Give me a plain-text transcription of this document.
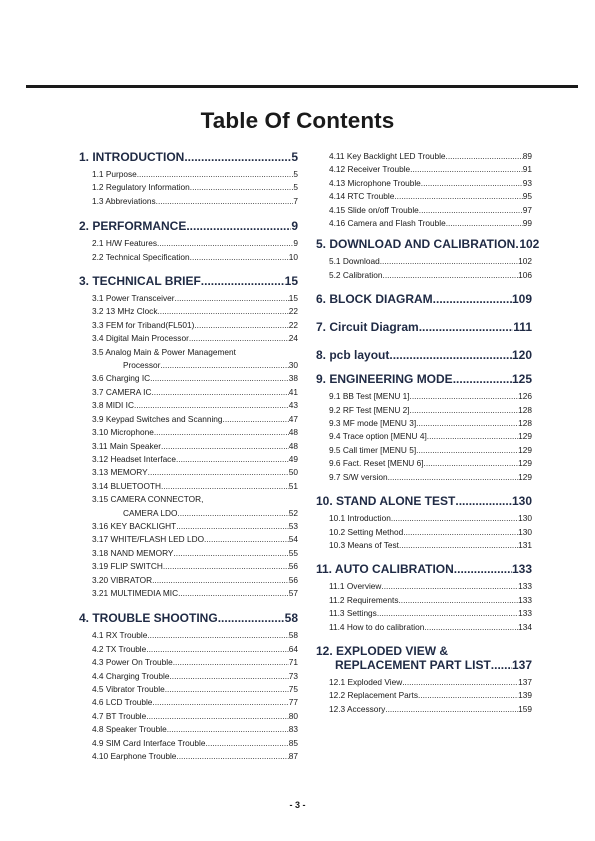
Table Of Contents
1. INTRODUCTION .....	5
1.1 Purpose .....	5
1.2 Regulatory Information .....	5
1.3 Abbreviations .....	7
2. PERFORMANCE .....	9
2.1 H/W Features .....	9
2.2 Technical Specification .....	10
3. TECHNICAL BRIEF .....	15
3.1 Power Transceiver .....	15
3.2 13 MHz Clock .....	22
3.3 FEM for Triband(FL501) .....	22
3.4 Digital Main Processor .....	24
3.5 Analog Main & Power Management
Processor .....	30
3.6 Charging IC .....	38
3.7 CAMERA IC .....	41
3.8 MIDI IC .....	43
3.9 Keypad Switches and Scanning .....	47
3.10 Microphone .....	48
3.11 Main Speaker .....	48
3.12 Headset Interface .....	49
3.13 MEMORY .....	50
3.14 BLUETOOTH .....	51
3.15 CAMERA CONNECTOR,
CAMERA LDO .....	52
3.16 KEY BACKLIGHT .....	53
3.17 WHITE/FLASH LED LDO .....	54
3.18 NAND MEMORY .....	55
3.19 FLIP SWITCH .....	56
3.20 VIBRATOR .....	56
3.21 MULTIMEDIA MIC .....	57
4. TROUBLE SHOOTING .....	58
4.1 RX Trouble .....	58
4.2 TX Trouble .....	64
4.3 Power On Trouble .....	71
4.4 Charging Trouble .....	73
4.5 Vibrator Trouble .....	75
4.6 LCD Trouble .....	77
4.7 BT Trouble .....	80
4.8 Speaker Trouble .....	83
4.9 SIM Card Interface Trouble .....	85
4.10 Earphone Trouble .....	87
4.11 Key Backlight LED Trouble .....	89
4.12 Receiver Trouble .....	91
4.13 Microphone Trouble .....	93
4.14 RTC Trouble .....	95
4.15 Slide on/off Trouble .....	97
4.16 Camera and Flash Trouble .....	99
5. DOWNLOAD AND CALIBRATION ..... 102
5.1 Download .....	102
5.2 Calibration .....	106
6. BLOCK DIAGRAM .....	109
7. Circuit Diagram .....	111
8. pcb layout .....	120
9. ENGINEERING MODE .....	125
9.1 BB Test [MENU 1] .....	126
9.2 RF Test [MENU 2] .....	128
9.3 MF mode [MENU 3] .....	128
9.4 Trace option [MENU 4] .....	129
9.5 Call timer [MENU 5] .....	129
9.6 Fact. Reset [MENU 6] .....	129
9.7 S/W version .....	129
10. STAND ALONE TEST .....	130
10.1 Introduction .....	130
10.2 Setting Method .....	130
10.3 Means of Test .....	131
11. AUTO CALIBRATION .....	133
11.1 Overview .....	133
11.2 Requirements .....	133
11.3 Settings .....	133
11.4 How to do calibration .....	134
12. EXPLODED VIEW &
REPLACEMENT PART LIST ..... 137
12.1 Exploded View .....	137
12.2 Replacement Parts .....	139
12.3 Accessory .....	159
- 3 -
